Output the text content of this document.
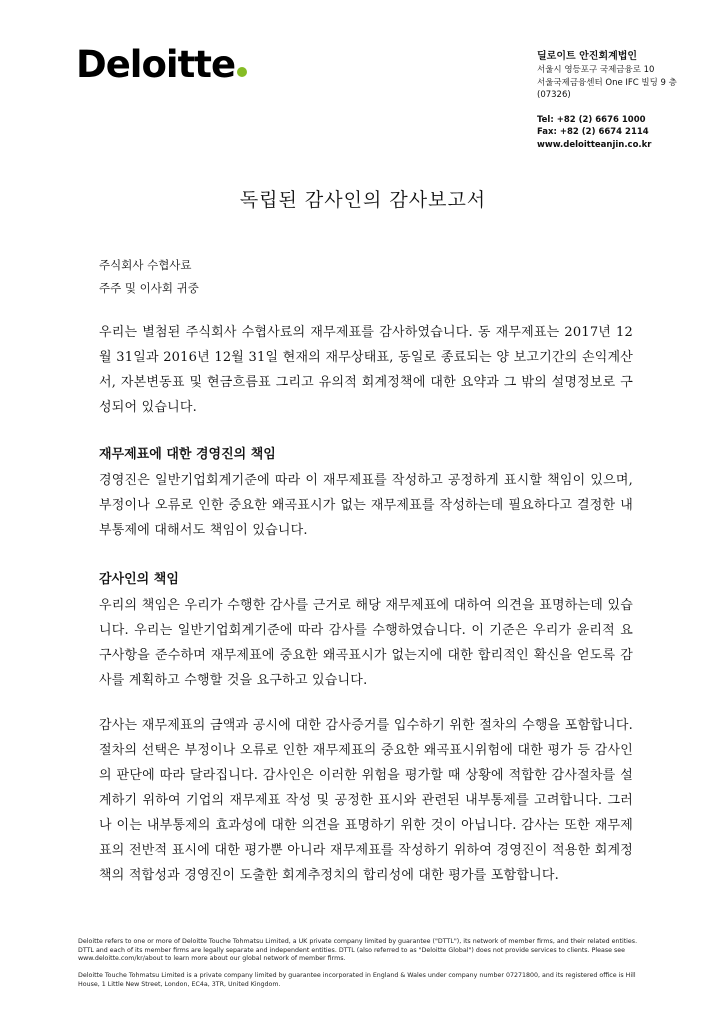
Deloitte	딜로이트 안진회계법인
서울시 영등포구 국제금융로 10
서울국제금융센터 One IFC 빌딩 9 층
(07326)
Tel: +82 (2) 6676 1000
Fax: +82 (2) 6674 2114
www.deloitteanjin.co.kr
독립된 감사인의 감사보고서
주식회사 수협사료
주주 및 이사회 귀중
우리는 별첨된 주식회사 수협사료의 재무제표를 감사하였습니다. 동 재무제표는 2017년 12월 31일과 2016년 12월 31일 현재의 재무상태표, 동일로 종료되는 양 보고기간의 손익계산서, 자본변동표 및 현금흐름표 그리고 유의적 회계정책에 대한 요약과 그 밖의 설명정보로 구성되어 있습니다.
재무제표에 대한 경영진의 책임
경영진은 일반기업회계기준에 따라 이 재무제표를 작성하고 공정하게 표시할 책임이 있으며, 부정이나 오류로 인한 중요한 왜곡표시가 없는 재무제표를 작성하는데 필요하다고 결정한 내부통제에 대해서도 책임이 있습니다.
감사인의 책임
우리의 책임은 우리가 수행한 감사를 근거로 해당 재무제표에 대하여 의견을 표명하는데 있습니다. 우리는 일반기업회계기준에 따라 감사를 수행하였습니다. 이 기준은 우리가 윤리적 요구사항을 준수하며 재무제표에 중요한 왜곡표시가 없는지에 대한 합리적인 확신을 얻도록 감사를 계획하고 수행할 것을 요구하고 있습니다.
감사는 재무제표의 금액과 공시에 대한 감사증거를 입수하기 위한 절차의 수행을 포함합니다. 절차의 선택은 부정이나 오류로 인한 재무제표의 중요한 왜곡표시위험에 대한 평가 등 감사인의 판단에 따라 달라집니다. 감사인은 이러한 위험을 평가할 때 상황에 적합한 감사절차를 설계하기 위하여 기업의 재무제표 작성 및 공정한 표시와 관련된 내부통제를 고려합니다. 그러나 이는 내부통제의 효과성에 대한 의견을 표명하기 위한 것이 아닙니다. 감사는 또한 재무제표의 전반적 표시에 대한 평가뿐 아니라 재무제표를 작성하기 위하여 경영진이 적용한 회계정책의 적합성과 경영진이 도출한 회계추정치의 합리성에 대한 평가를 포함합니다.
Deloitte refers to one or more of Deloitte Touche Tohmatsu Limited, a UK private company limited by guarantee ("DTTL"), its network of member firms, and their related entities. DTTL and each of its member firms are legally separate and independent entities. DTTL (also referred to as "Deloitte Global") does not provide services to clients. Please see www.deloitte.com/kr/about to learn more about our global network of member firms.
Deloitte Touche Tohmatsu Limited is a private company limited by guarantee incorporated in England & Wales under company number 07271800, and its registered office is Hill House, 1 Little New Street, London, EC4a, 3TR, United Kingdom.
